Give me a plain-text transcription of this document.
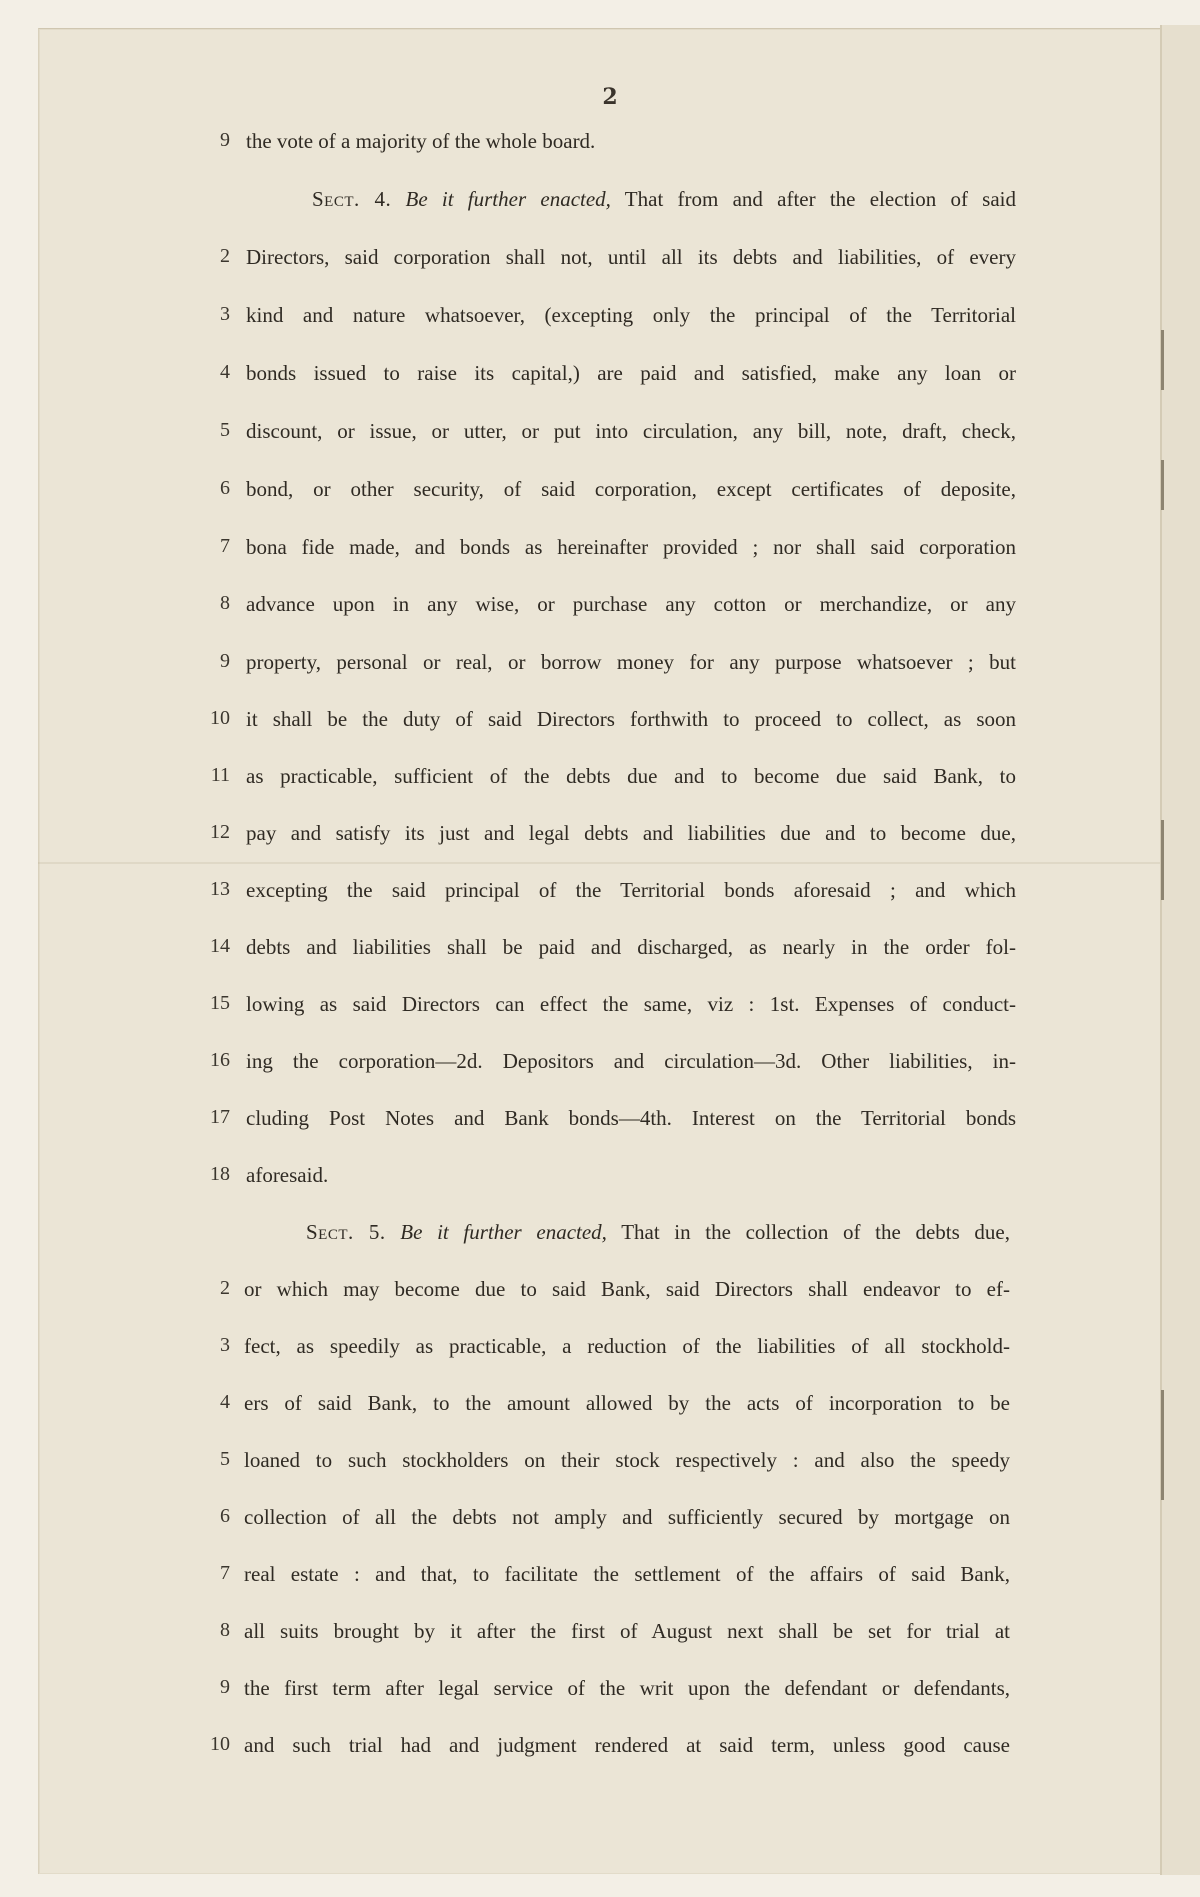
2
9 the vote of a majority of the whole board.
Sect. 4. Be it further enacted, That from and after the election of said
2 Directors, said corporation shall not, until all its debts and liabilities, of every
3 kind and nature whatsoever, (excepting only the principal of the Territorial
4 bonds issued to raise its capital,) are paid and satisfied, make any loan or
5 discount, or issue, or utter, or put into circulation, any bill, note, draft, check,
6 bond, or other security, of said corporation, except certificates of deposite,
7 bona fide made, and bonds as hereinafter provided ; nor shall said corporation
8 advance upon in any wise, or purchase any cotton or merchandize, or any
9 property, personal or real, or borrow money for any purpose whatsoever ; but
10 it shall be the duty of said Directors forthwith to proceed to collect, as soon
11 as practicable, sufficient of the debts due and to become due said Bank, to
12 pay and satisfy its just and legal debts and liabilities due and to become due,
13 excepting the said principal of the Territorial bonds aforesaid ; and which
14 debts and liabilities shall be paid and discharged, as nearly in the order fol-
15 lowing as said Directors can effect the same, viz : 1st. Expenses of conduct-
16 ing the corporation—2d. Depositors and circulation—3d. Other liabilities, in-
17 cluding Post Notes and Bank bonds—4th. Interest on the Territorial bonds
18 aforesaid.
Sect. 5. Be it further enacted, That in the collection of the debts due,
2 or which may become due to said Bank, said Directors shall endeavor to ef-
3 fect, as speedily as practicable, a reduction of the liabilities of all stockhold-
4 ers of said Bank, to the amount allowed by the acts of incorporation to be
5 loaned to such stockholders on their stock respectively : and also the speedy
6 collection of all the debts not amply and sufficiently secured by mortgage on
7 real estate : and that, to facilitate the settlement of the affairs of said Bank,
8 all suits brought by it after the first of August next shall be set for trial at
9 the first term after legal service of the writ upon the defendant or defendants,
10 and such trial had and judgment rendered at said term, unless good cause
